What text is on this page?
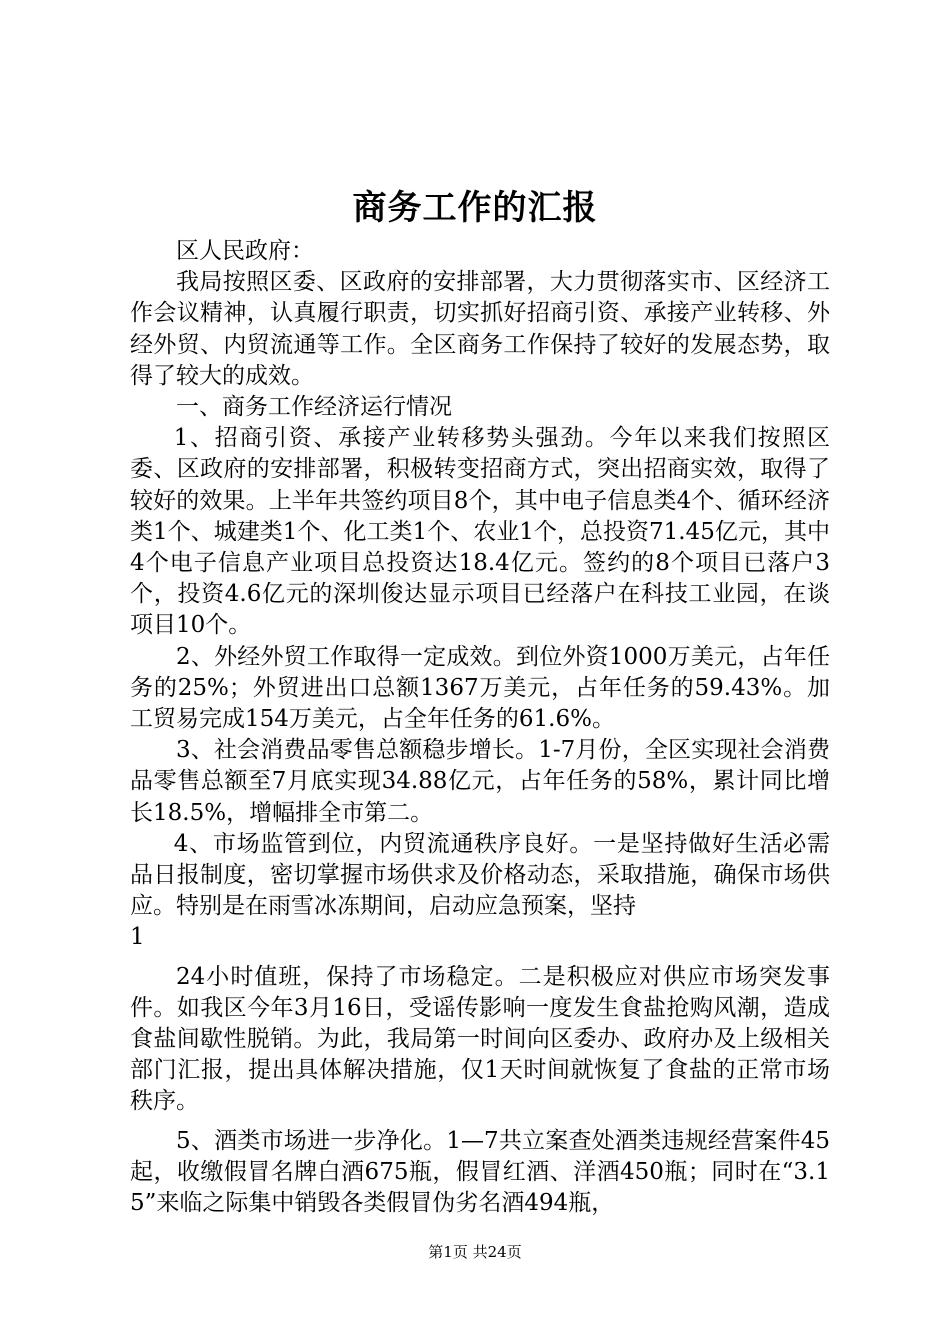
商务工作的汇报

区人民政府：

我局按照区委、区政府的安排部署，大力贯彻落实市、区经济工作会议精神，认真履行职责，切实抓好招商引资、承接产业转移、外经外贸、内贸流通等工作。全区商务工作保持了较好的发展态势，取得了较大的成效。

一、商务工作经济运行情况

1、招商引资、承接产业转移势头强劲。今年以来我们按照区委、区政府的安排部署，积极转变招商方式，突出招商实效，取得了较好的效果。上半年共签约项目8个，其中电子信息类4个、循环经济类1个、城建类1个、化工类1个、农业1个，总投资71.45亿元，其中4个电子信息产业项目总投资达18.4亿元。签约的8个项目已落户3个，投资4.6亿元的深圳俊达显示项目已经落户在科技工业园，在谈项目10个。

2、外经外贸工作取得一定成效。到位外资1000万美元，占年任务的25%；外贸进出口总额1367万美元，占年任务的59.43%。加工贸易完成154万美元，占全年任务的61.6%。

3、社会消费品零售总额稳步增长。1-7月份，全区实现社会消费品零售总额至7月底实现34.88亿元，占年任务的58%，累计同比增长18.5%，增幅排全市第二。

4、市场监管到位，内贸流通秩序良好。一是坚持做好生活必需品日报制度，密切掌握市场供求及价格动态，采取措施，确保市场供应。特别是在雨雪冰冻期间，启动应急预案，坚持

1

24小时值班，保持了市场稳定。二是积极应对供应市场突发事件。如我区今年3月16日，受谣传影响一度发生食盐抢购风潮，造成食盐间歇性脱销。为此，我局第一时间向区委办、政府办及上级相关部门汇报，提出具体解决措施，仅1天时间就恢复了食盐的正常市场秩序。

5、酒类市场进一步净化。1—7共立案查处酒类违规经营案件45起，收缴假冒名牌白酒675瓶，假冒红酒、洋酒450瓶；同时在“3.15”来临之际集中销毁各类假冒伪劣名酒494瓶，

第1页 共24页
